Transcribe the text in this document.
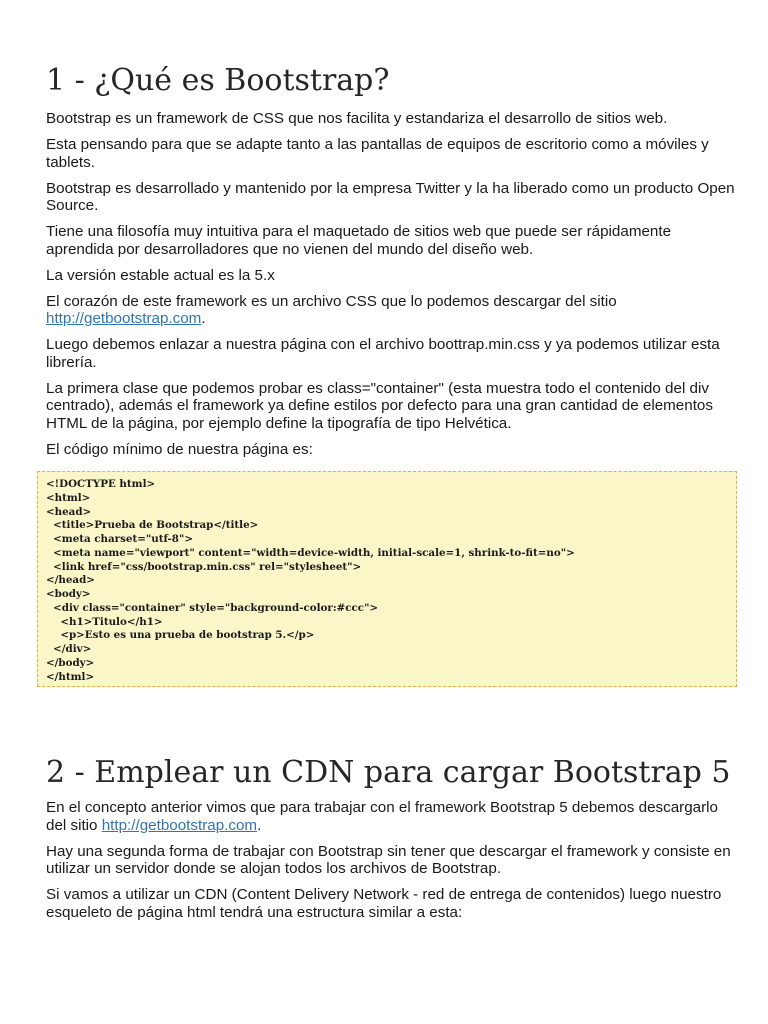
1 - ¿Qué es Bootstrap?

Bootstrap es un framework de CSS que nos facilita y estandariza el desarrollo de sitios web.

Esta pensando para que se adapte tanto a las pantallas de equipos de escritorio como a móviles y tablets.

Bootstrap es desarrollado y mantenido por la empresa Twitter y la ha liberado como un producto Open Source.

Tiene una filosofía muy intuitiva para el maquetado de sitios web que puede ser rápidamente aprendida por desarrolladores que no vienen del mundo del diseño web.

La versión estable actual es la 5.x

El corazón de este framework es un archivo CSS que lo podemos descargar del sitio http://getbootstrap.com.

Luego debemos enlazar a nuestra página con el archivo boottrap.min.css y ya podemos utilizar esta librería.

La primera clase que podemos probar es class="container" (esta muestra todo el contenido del div centrado), además el framework ya define estilos por defecto para una gran cantidad de elementos HTML de la página, por ejemplo define la tipografía de tipo Helvética.

El código mínimo de nuestra página es:

<!DOCTYPE html>
<html>
<head>
<title>Prueba de Bootstrap</title>
<meta charset="utf-8">
<meta name="viewport" content="width=device-width, initial-scale=1, shrink-to-fit=no">
<link href="css/bootstrap.min.css" rel="stylesheet">
</head>
<body>
<div class="container" style="background-color:#ccc">
<h1>Titulo</h1>
<p>Esto es una prueba de bootstrap 5.</p>
</div>
</body>
</html>
2 - Emplear un CDN para cargar Bootstrap 5

En el concepto anterior vimos que para trabajar con el framework Bootstrap 5 debemos descargarlo del sitio http://getbootstrap.com.

Hay una segunda forma de trabajar con Bootstrap sin tener que descargar el framework y consiste en utilizar un servidor donde se alojan todos los archivos de Bootstrap.

Si vamos a utilizar un CDN (Content Delivery Network - red de entrega de contenidos) luego nuestro esqueleto de página html tendrá una estructura similar a esta:
